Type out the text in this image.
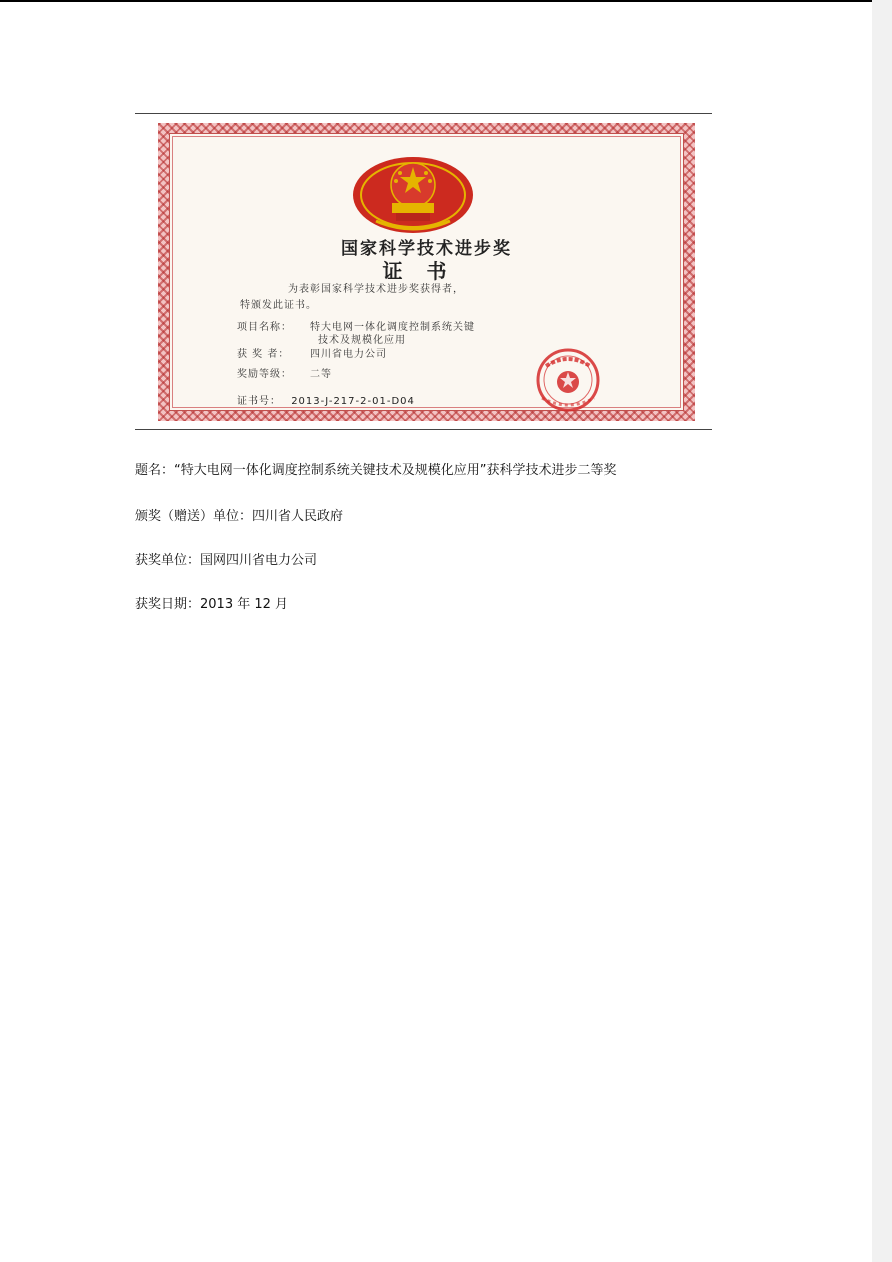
国家科学技术进步奖
证书
为表彰国家科学技术进步奖获得者，
特颁发此证书。
项目名称： 特大电网一体化调度控制系统关键
技术及规模化应用
获 奖 者： 四川省电力公司
奖励等级： 二等
证书号： 2013-J-217-2-01-D04
题名：“特大电网一体化调度控制系统关键技术及规模化应用”获科学技术进步二等奖
颁奖（赠送）单位：四川省人民政府
获奖单位：国网四川省电力公司
获奖日期：2013 年 12 月
